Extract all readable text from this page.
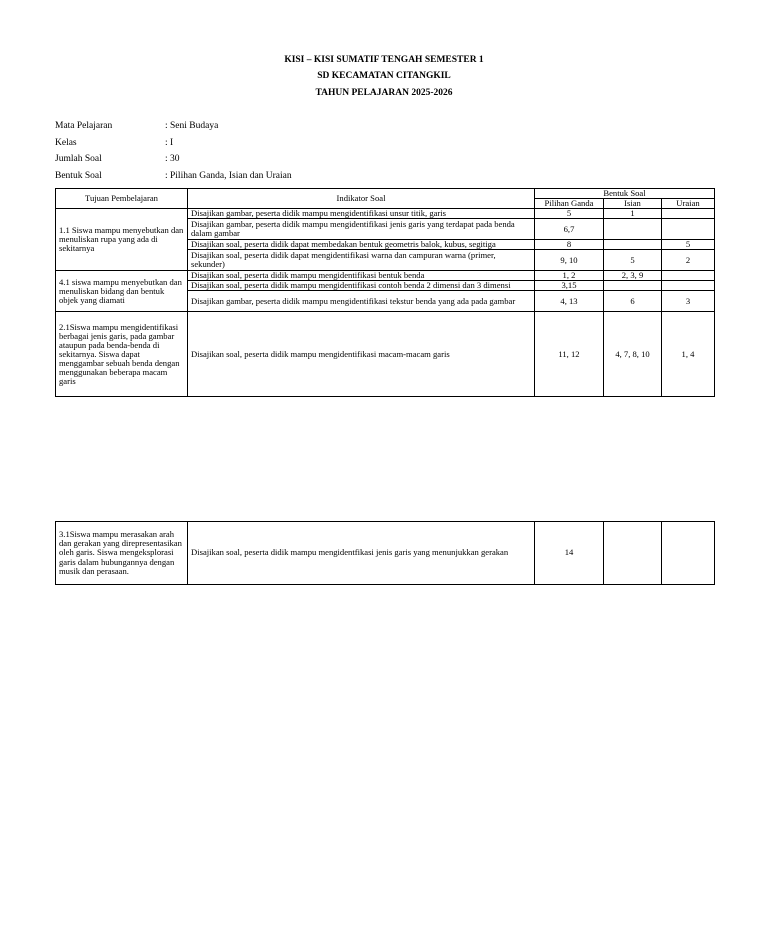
KISI – KISI SUMATIF TENGAH SEMESTER 1
SD KECAMATAN CITANGKIL
TAHUN PELAJARAN 2025-2026
Mata Pelajaran	: Seni Budaya
Kelas	: I
Jumlah Soal	: 30
Bentuk Soal	: Pilihan Ganda, Isian dan Uraian
Tujuan Pembelajaran	Indikator Soal	Bentuk Soal		
		Pilihan Ganda	Isian	Uraian
1.1 Siswa mampu menyebutkan dan menuliskan rupa yang ada di sekitarnya	Disajikan gambar, peserta didik mampu mengidentifikasi unsur titik, garis	5	1	
	Disajikan gambar, peserta didik mampu mengidentifikasi jenis garis yang terdapat pada benda dalam gambar	6,7		
	Disajikan soal, peserta didik dapat membedakan bentuk geometris balok, kubus, segitiga	8		5
	Disajikan soal, peserta didik dapat mengidentifikasi warna dan campuran warna (primer, sekunder)	9, 10	5	2
4.1 siswa mampu menyebutkan dan menuliskan bidang dan bentuk objek yang diamati	Disajikan soal, peserta didik mampu mengidentifikasi bentuk benda	1, 2	2, 3, 9	
	Disajikan soal, peserta didik mampu mengidentifikasi contoh benda 2 dimensi dan 3 dimensi	3,15		
	Disajikan gambar, peserta didik mampu mengidentifikasi tekstur benda yang ada pada gambar	4, 13	6	3
2.1Siswa mampu mengidentifikasi berbagai jenis garis, pada gambar ataupun pada benda-benda di sekitarnya. Siswa dapat menggambar sebuah benda dengan menggunakan beberapa macam garis	Disajikan soal, peserta didik mampu mengidentifikasi macam-macam garis	11, 12	4, 7, 8, 10	1, 4
3.1Siswa mampu merasakan arah dan gerakan yang direpresentasikan oleh garis. Siswa mengeksplorasi garis dalam hubungannya dengan musik dan perasaan.	Disajikan soal, peserta didik mampu mengidentfikasi jenis garis yang menunjukkan gerakan	14		
